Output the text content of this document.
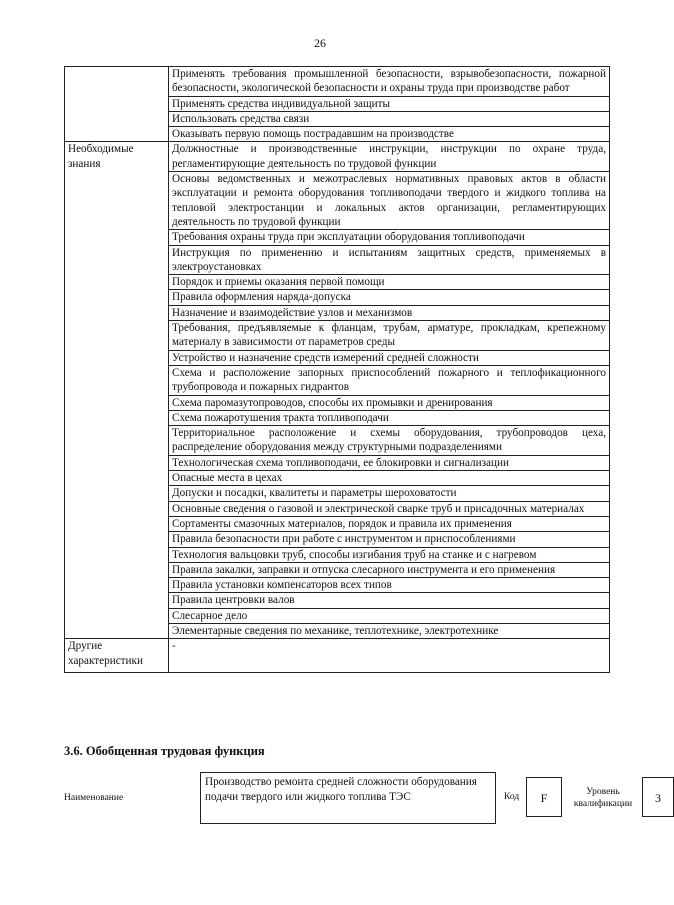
26
	Применять требования промышленной безопасности, взрывобезопасности, пожарной безопасности, экологической безопасности и охраны труда при производстве работ
	Применять средства индивидуальной защиты
	Использовать средства связи
	Оказывать первую помощь пострадавшим на производстве
Необходимые знания	Должностные и производственные инструкции, инструкции по охране труда, регламентирующие деятельность по трудовой функции
	Основы ведомственных и межотраслевых нормативных правовых актов в области эксплуатации и ремонта оборудования топливоподачи твердого и жидкого топлива на тепловой электростанции и локальных актов организации, регламентирующих деятельность по трудовой функции
	Требования охраны труда при эксплуатации оборудования топливоподачи
	Инструкция по применению и испытаниям защитных средств, применяемых в электроустановках
	Порядок и приемы оказания первой помощи
	Правила оформления наряда-допуска
	Назначение и взаимодействие узлов и механизмов
	Требования, предъявляемые к фланцам, трубам, арматуре, прокладкам, крепежному материалу в зависимости от параметров среды
	Устройство и назначение средств измерений средней сложности
	Схема и расположение запорных приспособлений пожарного и теплофикационного трубопровода и пожарных гидрантов
	Схема паромазутопроводов, способы их промывки и дренирования
	Схема пожаротушения тракта топливоподачи
	Территориальное расположение и схемы оборудования, трубопроводов цеха, распределение оборудования между структурными подразделениями
	Технологическая схема топливоподачи, ее блокировки и сигнализации
	Опасные места в цехах
	Допуски и посадки, квалитеты и параметры шероховатости
	Основные сведения о газовой и электрической сварке труб и присадочных материалах
	Сортаменты смазочных материалов, порядок и правила их применения
	Правила безопасности при работе с инструментом и приспособлениями
	Технология вальцовки труб, способы изгибания труб на станке и с нагревом
	Правила закалки, заправки и отпуска слесарного инструмента и его применения
	Правила установки компенсаторов всех типов
	Правила центровки валов
	Слесарное дело
	Элементарные сведения по механике, теплотехнике, электротехнике
Другие характеристики	-
3.6. Обобщенная трудовая функция
Наименование
Производство ремонта средней сложности оборудования подачи твердого или жидкого топлива ТЭС	Код	F	Уровень квалификации	3
